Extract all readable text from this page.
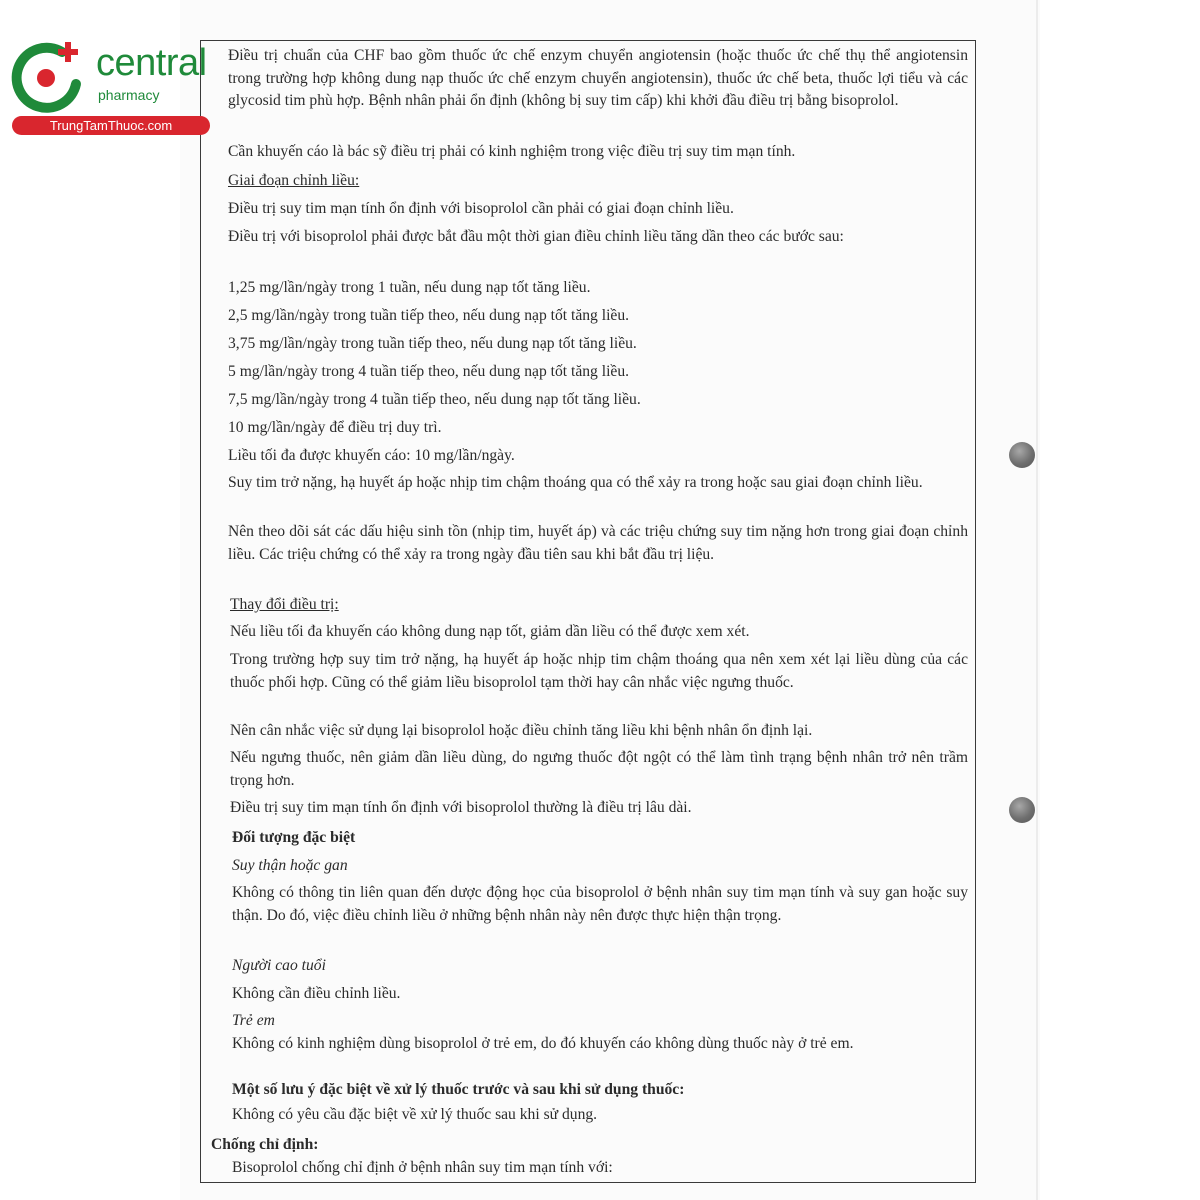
central
pharmacy
TrungTamThuoc.com

Điều trị chuẩn của CHF bao gồm thuốc ức chế enzym chuyển angiotensin (hoặc thuốc ức chế thụ thể angiotensin trong trường hợp không dung nạp thuốc ức chế enzym chuyển angiotensin), thuốc ức chế beta, thuốc lợi tiểu và các glycosid tim phù hợp. Bệnh nhân phải ổn định (không bị suy tim cấp) khi khởi đầu điều trị bằng bisoprolol.

Cần khuyến cáo là bác sỹ điều trị phải có kinh nghiệm trong việc điều trị suy tim mạn tính.

Giai đoạn chỉnh liều:

Điều trị suy tim mạn tính ổn định với bisoprolol cần phải có giai đoạn chỉnh liều.

Điều trị với bisoprolol phải được bắt đầu một thời gian điều chỉnh liều tăng dần theo các bước sau:

1,25 mg/lần/ngày trong 1 tuần, nếu dung nạp tốt tăng liều.

2,5 mg/lần/ngày trong tuần tiếp theo, nếu dung nạp tốt tăng liều.

3,75 mg/lần/ngày trong tuần tiếp theo, nếu dung nạp tốt tăng liều.

5 mg/lần/ngày trong 4 tuần tiếp theo, nếu dung nạp tốt tăng liều.

7,5 mg/lần/ngày trong 4 tuần tiếp theo, nếu dung nạp tốt tăng liều.

10 mg/lần/ngày để điều trị duy trì.

Liều tối đa được khuyến cáo: 10 mg/lần/ngày.

Suy tim trở nặng, hạ huyết áp hoặc nhịp tim chậm thoáng qua có thể xảy ra trong hoặc sau giai đoạn chỉnh liều.

Nên theo dõi sát các dấu hiệu sinh tồn (nhịp tim, huyết áp) và các triệu chứng suy tim nặng hơn trong giai đoạn chỉnh liều. Các triệu chứng có thể xảy ra trong ngày đầu tiên sau khi bắt đầu trị liệu.

Thay đổi điều trị:

Nếu liều tối đa khuyến cáo không dung nạp tốt, giảm dần liều có thể được xem xét.

Trong trường hợp suy tim trở nặng, hạ huyết áp hoặc nhịp tim chậm thoáng qua nên xem xét lại liều dùng của các thuốc phối hợp. Cũng có thể giảm liều bisoprolol tạm thời hay cân nhắc việc ngưng thuốc.

Nên cân nhắc việc sử dụng lại bisoprolol hoặc điều chỉnh tăng liều khi bệnh nhân ổn định lại.

Nếu ngưng thuốc, nên giảm dần liều dùng, do ngưng thuốc đột ngột có thể làm tình trạng bệnh nhân trở nên trầm trọng hơn.

Điều trị suy tim mạn tính ổn định với bisoprolol thường là điều trị lâu dài.

Đối tượng đặc biệt

Suy thận hoặc gan

Không có thông tin liên quan đến dược động học của bisoprolol ở bệnh nhân suy tim mạn tính và suy gan hoặc suy thận. Do đó, việc điều chỉnh liều ở những bệnh nhân này nên được thực hiện thận trọng.

Người cao tuổi

Không cần điều chỉnh liều.

Trẻ em

Không có kinh nghiệm dùng bisoprolol ở trẻ em, do đó khuyến cáo không dùng thuốc này ở trẻ em.

Một số lưu ý đặc biệt về xử lý thuốc trước và sau khi sử dụng thuốc:

Không có yêu cầu đặc biệt về xử lý thuốc sau khi sử dụng.

Chống chỉ định:

Bisoprolol chống chỉ định ở bệnh nhân suy tim mạn tính với:
